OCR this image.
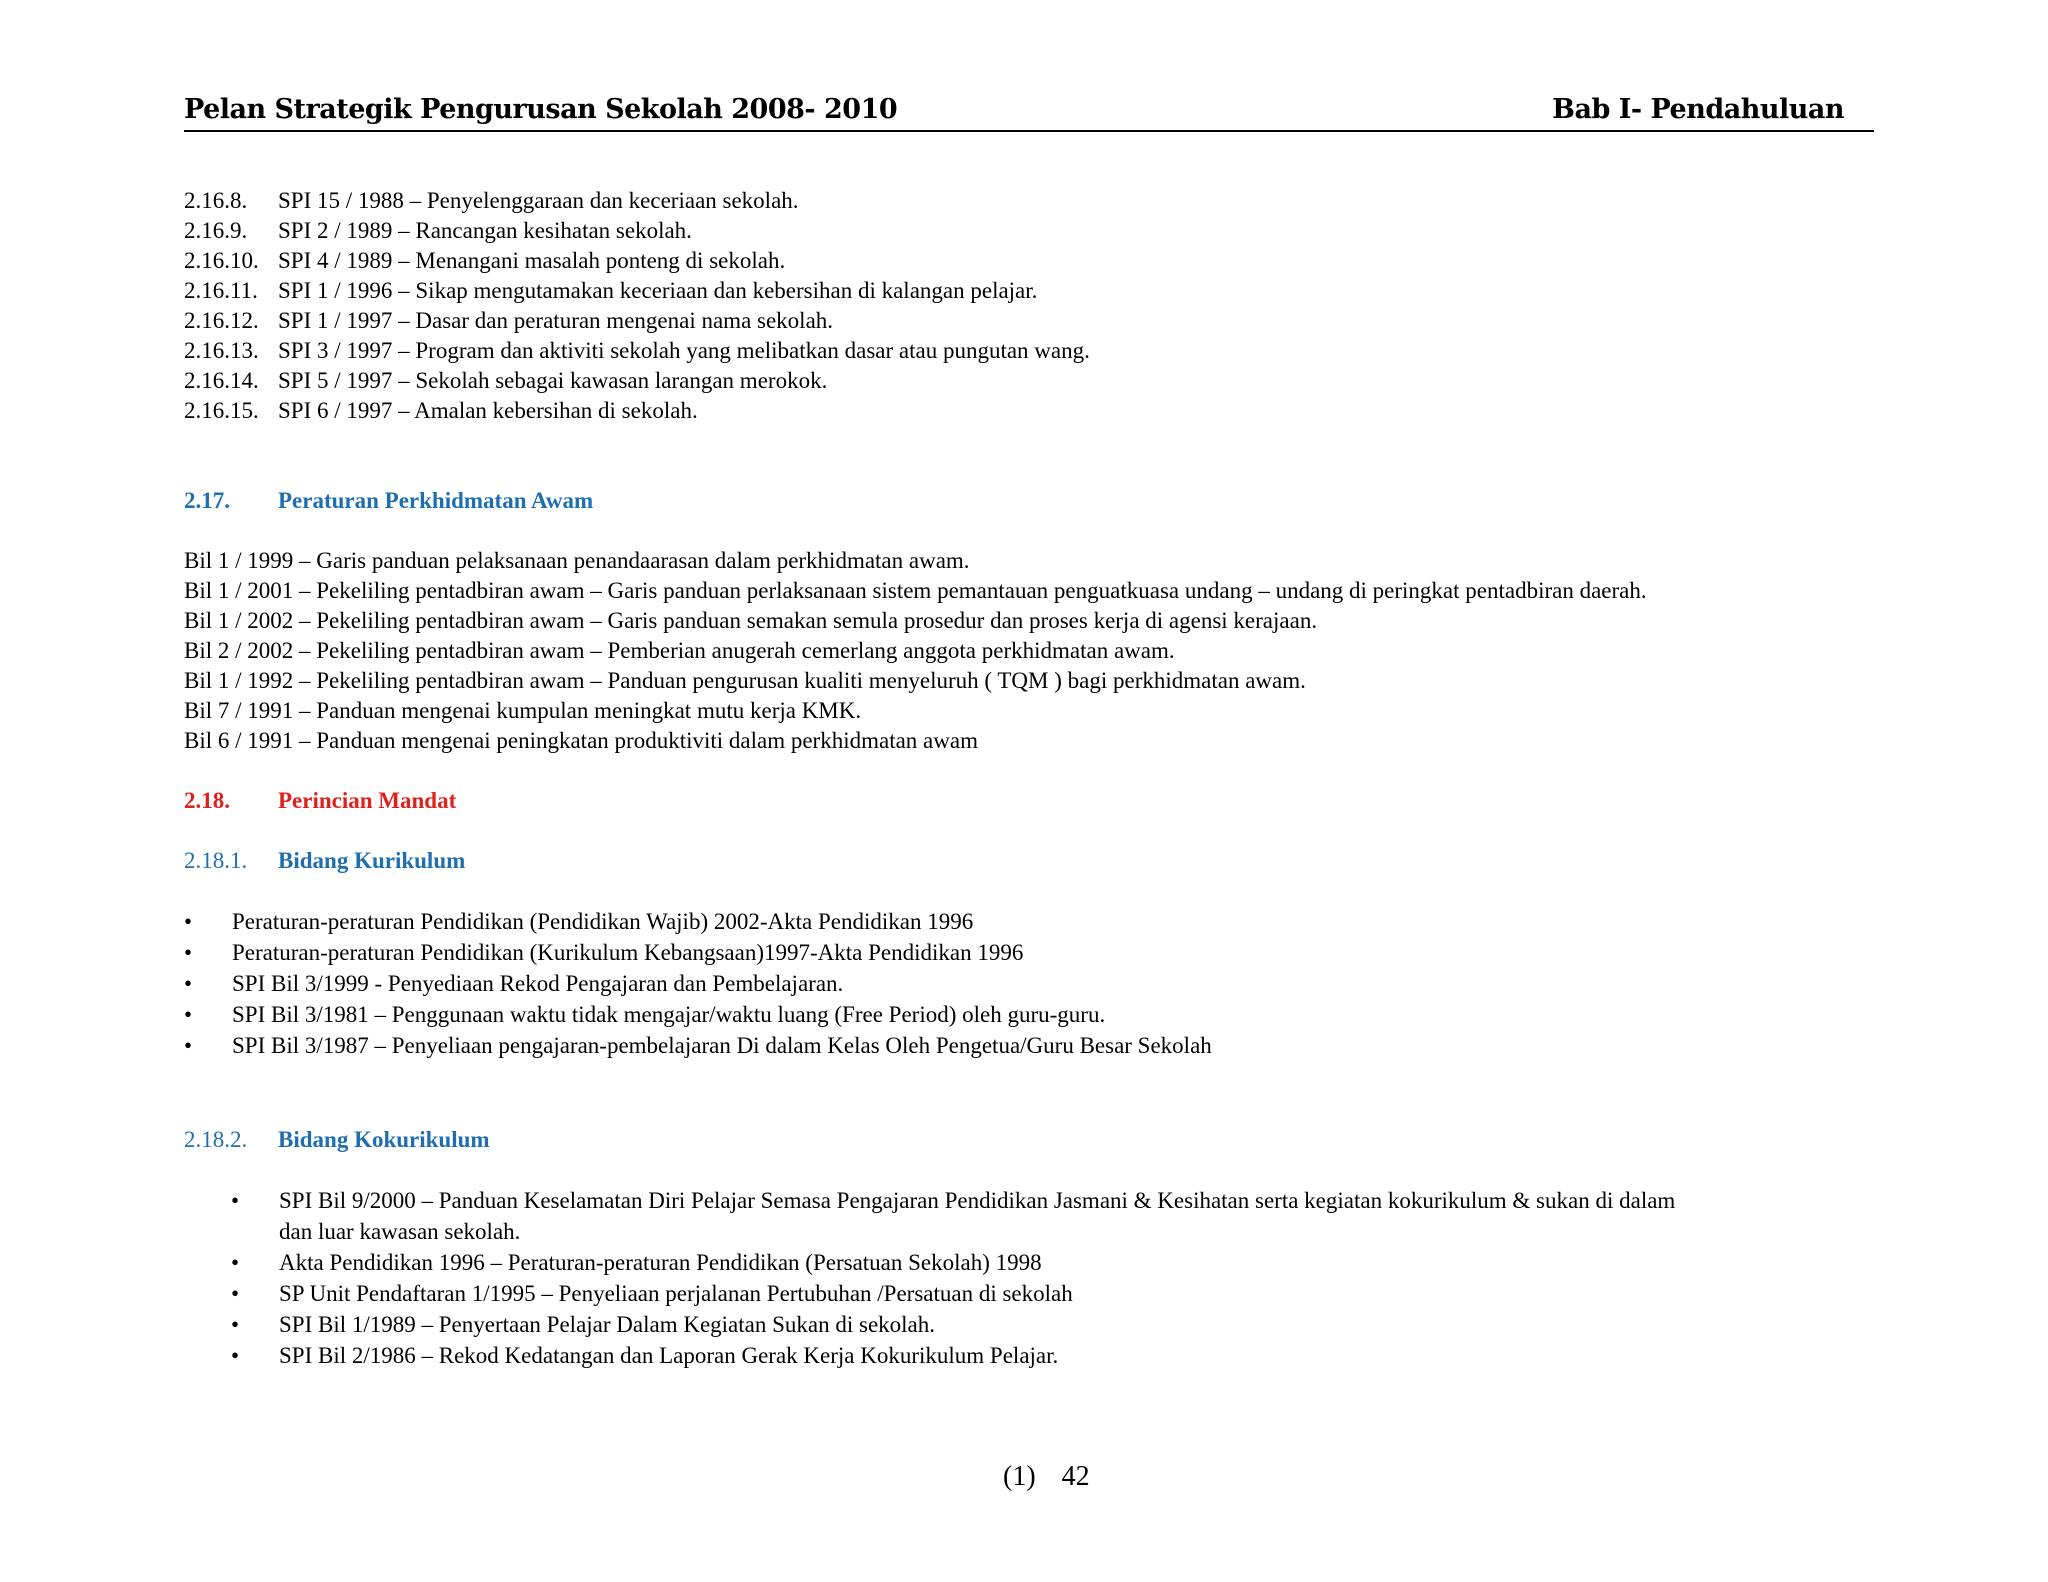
Pelan Strategik Pengurusan Sekolah 2008- 2010	Bab I- Pendahuluan
2.16.8. SPI 15 / 1988 – Penyelenggaraan dan keceriaan sekolah.
2.16.9. SPI 2 / 1989 – Rancangan kesihatan sekolah.
2.16.10. SPI 4 / 1989 – Menangani masalah ponteng di sekolah.
2.16.11. SPI 1 / 1996 – Sikap mengutamakan keceriaan dan kebersihan di kalangan pelajar.
2.16.12. SPI 1 / 1997 – Dasar dan peraturan mengenai nama sekolah.
2.16.13. SPI 3 / 1997 – Program dan aktiviti sekolah yang melibatkan dasar atau pungutan wang.
2.16.14. SPI 5 / 1997 – Sekolah sebagai kawasan larangan merokok.
2.16.15. SPI 6 / 1997 – Amalan kebersihan di sekolah.
2.17. Peraturan Perkhidmatan Awam
Bil 1 / 1999 – Garis panduan pelaksanaan penandaarasan dalam perkhidmatan awam.
Bil 1 / 2001 – Pekeliling pentadbiran awam – Garis panduan perlaksanaan sistem pemantauan penguatkuasa undang – undang di peringkat pentadbiran daerah.
Bil 1 / 2002 – Pekeliling pentadbiran awam – Garis panduan semakan semula prosedur dan proses kerja di agensi kerajaan.
Bil 2 / 2002 – Pekeliling pentadbiran awam – Pemberian anugerah cemerlang anggota perkhidmatan awam.
Bil 1 / 1992 – Pekeliling pentadbiran awam – Panduan pengurusan kualiti menyeluruh ( TQM ) bagi perkhidmatan awam.
Bil 7 / 1991 – Panduan mengenai kumpulan meningkat mutu kerja KMK.
Bil 6 / 1991 – Panduan mengenai peningkatan produktiviti dalam perkhidmatan awam
2.18. Perincian Mandat
2.18.1. Bidang Kurikulum
• Peraturan-peraturan Pendidikan (Pendidikan Wajib) 2002-Akta Pendidikan 1996
• Peraturan-peraturan Pendidikan (Kurikulum Kebangsaan)1997-Akta Pendidikan 1996
• SPI Bil 3/1999 - Penyediaan Rekod Pengajaran dan Pembelajaran.
• SPI Bil 3/1981 – Penggunaan waktu tidak mengajar/waktu luang (Free Period) oleh guru-guru.
• SPI Bil 3/1987 – Penyeliaan pengajaran-pembelajaran Di dalam Kelas Oleh Pengetua/Guru Besar Sekolah
2.18.2. Bidang Kokurikulum
• SPI Bil 9/2000 – Panduan Keselamatan Diri Pelajar Semasa Pengajaran Pendidikan Jasmani & Kesihatan serta kegiatan kokurikulum & sukan di dalam
dan luar kawasan sekolah.
• Akta Pendidikan 1996 – Peraturan-peraturan Pendidikan (Persatuan Sekolah) 1998
• SP Unit Pendaftaran 1/1995 – Penyeliaan perjalanan Pertubuhan /Persatuan di sekolah
• SPI Bil 1/1989 – Penyertaan Pelajar Dalam Kegiatan Sukan di sekolah.
• SPI Bil 2/1986 – Rekod Kedatangan dan Laporan Gerak Kerja Kokurikulum Pelajar.
(1) 42
